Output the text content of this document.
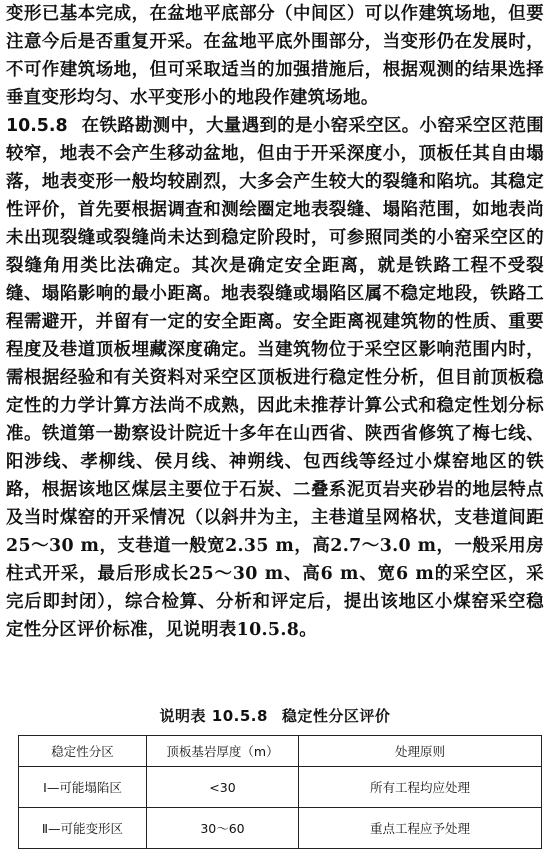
变形已基本完成，在盆地平底部分（中间区）可以作建筑场地，但要注意今后是否重复开采。在盆地平底外围部分，当变形仍在发展时，不可作建筑场地，但可采取适当的加强措施后，根据观测的结果选择垂直变形均匀、水平变形小的地段作建筑场地。

10.5.8 在铁路勘测中，大量遇到的是小窑采空区。小窑采空区范围较窄，地表不会产生移动盆地，但由于开采深度小，顶板任其自由塌落，地表变形一般均较剧烈，大多会产生较大的裂缝和陷坑。其稳定性评价，首先要根据调查和测绘圈定地表裂缝、塌陷范围，如地表尚未出现裂缝或裂缝尚未达到稳定阶段时，可参照同类的小窑采空区的裂缝角用类比法确定。其次是确定安全距离，就是铁路工程不受裂缝、塌陷影响的最小距离。地表裂缝或塌陷区属不稳定地段，铁路工程需避开，并留有一定的安全距离。安全距离视建筑物的性质、重要程度及巷道顶板埋藏深度确定。当建筑物位于采空区影响范围内时，需根据经验和有关资料对采空区顶板进行稳定性分析，但目前顶板稳定性的力学计算方法尚不成熟，因此未推荐计算公式和稳定性划分标准。铁道第一勘察设计院近十多年在山西省、陕西省修筑了梅七线、阳涉线、孝柳线、侯月线、神朔线、包西线等经过小煤窑地区的铁路，根据该地区煤层主要位于石炭、二叠系泥页岩夹砂岩的地层特点及当时煤窑的开采情况（以斜井为主，主巷道呈网格状，支巷道间距25～30 m，支巷道一般宽2.35 m，高2.7～3.0 m，一般采用房柱式开采，最后形成长25～30 m、高6 m、宽6 m的采空区，采完后即封闭），综合检算、分析和评定后，提出该地区小煤窑采空稳定性分区评价标准，见说明表10.5.8。

说明表 10.5.8 稳定性分区评价
稳定性分区	顶板基岩厚度（m）	处理原则
Ⅰ—可能塌陷区	<30	所有工程均应处理
Ⅱ—可能变形区	30～60	重点工程应予处理
